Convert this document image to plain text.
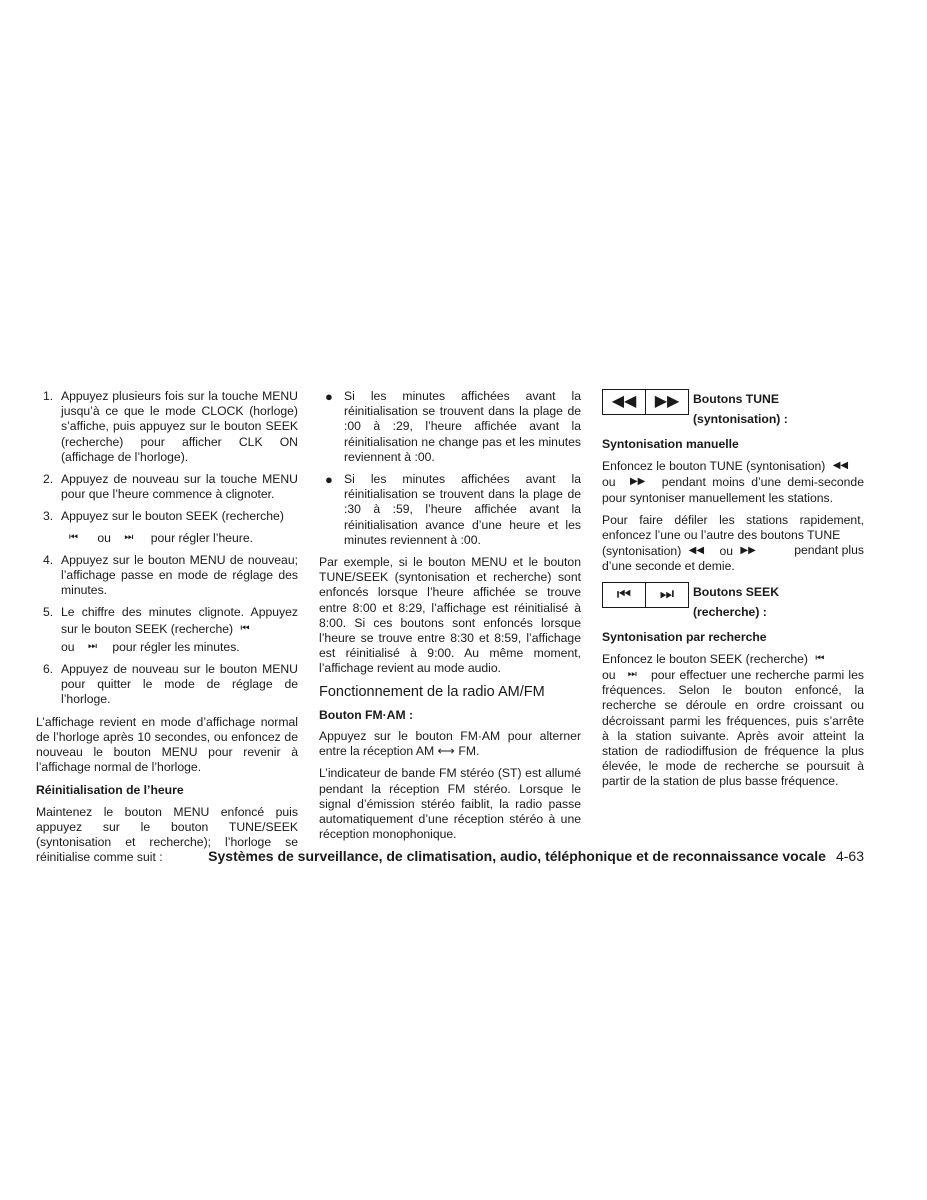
1. Appuyez plusieurs fois sur la touche MENU jusqu’à ce que le mode CLOCK (horloge) s’affiche, puis appuyez sur le bouton SEEK (recherche) pour afficher CLK ON (affichage de l’horloge).
2. Appuyez de nouveau sur la touche MENU pour que l’heure commence à clignoter.
3. Appuyez sur le bouton SEEK (recherche)
⏮ ou ⏭ pour régler l’heure.
4. Appuyez sur le bouton MENU de nouveau; l’affichage passe en mode de réglage des minutes.
5. Le chiffre des minutes clignote. Appuyez sur le bouton SEEK (recherche) ⏮
ou ⏭ pour régler les minutes.
6. Appuyez de nouveau sur le bouton MENU pour quitter le mode de réglage de l’horloge.

L’affichage revient en mode d’affichage normal de l’horloge après 10 secondes, ou enfoncez de nouveau le bouton MENU pour revenir à l’affichage normal de l’horloge.

Réinitialisation de l’heure

Maintenez le bouton MENU enfoncé puis appuyez sur le bouton TUNE/SEEK (syntonisation et recherche); l’horloge se réinitialise comme suit :

● Si les minutes affichées avant la réinitialisation se trouvent dans la plage de :00 à :29, l’heure affichée avant la réinitialisation ne change pas et les minutes reviennent à :00.
● Si les minutes affichées avant la réinitialisation se trouvent dans la plage de :30 à :59, l’heure affichée avant la réinitialisation avance d’une heure et les minutes reviennent à :00.

Par exemple, si le bouton MENU et le bouton TUNE/SEEK (syntonisation et recherche) sont enfoncés lorsque l’heure affichée se trouve entre 8:00 et 8:29, l’affichage est réinitialisé à 8:00. Si ces boutons sont enfoncés lorsque l’heure se trouve entre 8:30 et 8:59, l’affichage est réinitialisé à 9:00. Au même moment, l’affichage revient au mode audio.

Fonctionnement de la radio AM/FM
Bouton FM·AM :

Appuyez sur le bouton FM·AM pour alterner entre la réception AM ⟷ FM.

L’indicateur de bande FM stéréo (ST) est allumé pendant la réception FM stéréo. Lorsque le signal d’émission stéréo faiblit, la radio passe automatiquement d’une réception stéréo à une réception monophonique.

◀◀	▶▶	Boutons TUNE
(syntonisation) :
Syntonisation manuelle

Enfoncez le bouton TUNE (syntonisation) ◀◀
ou ▶▶ pendant moins d’une demi-seconde pour syntoniser manuellement les stations.

Pour faire défiler les stations rapidement, enfoncez l’une ou l’autre des boutons TUNE
(syntonisation) ◀◀ ou ▶▶	pendant plus

d’une seconde et demie.

⏮	⏭	Boutons SEEK
(recherche) :
Syntonisation par recherche

Enfoncez le bouton SEEK (recherche) ⏮
ou ⏭ pour effectuer une recherche parmi les fréquences. Selon le bouton enfoncé, la recherche se déroule en ordre croissant ou décroissant parmi les fréquences, puis s’arrête à la station suivante. Après avoir atteint la station de radiodiffusion de fréquence la plus élevée, le mode de recherche se poursuit à partir de la station de plus basse fréquence.

Systèmes de surveillance, de climatisation, audio, téléphonique et de reconnaissance vocale 4-63
